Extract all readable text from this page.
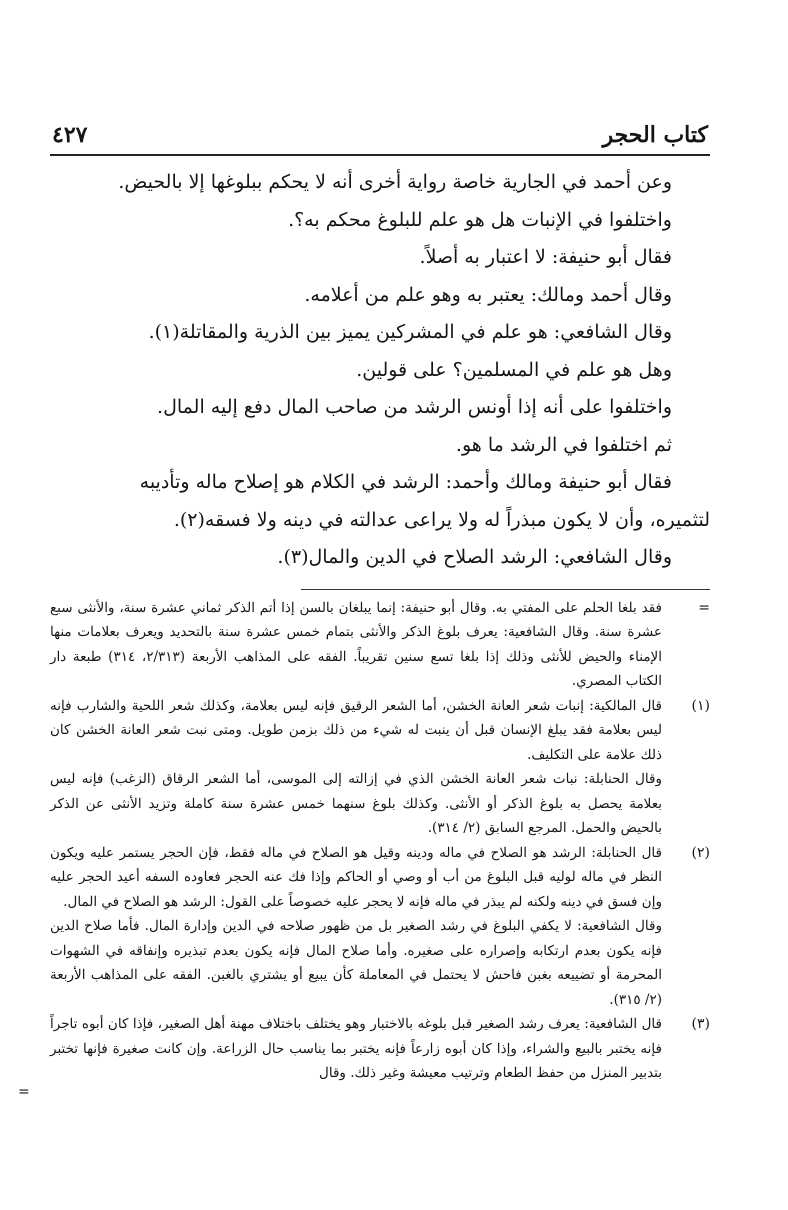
كتاب الحجر
٤٢٧

وعن أحمد في الجارية خاصة رواية أخرى أنه لا يحكم ببلوغها إلا بالحيض.

واختلفوا في الإنبات هل هو علم للبلوغ محكم به؟.

فقال أبو حنيفة: لا اعتبار به أصلاً.

وقال أحمد ومالك: يعتبر به وهو علم من أعلامه.

وقال الشافعي: هو علم في المشركين يميز بين الذرية والمقاتلة(١).

وهل هو علم في المسلمين؟ على قولين.

واختلفوا على أنه إذا أونس الرشد من صاحب المال دفع إليه المال.

ثم اختلفوا في الرشد ما هو.

فقال أبو حنيفة ومالك وأحمد: الرشد في الكلام هو إصلاح ماله وتأديبه

لتثميره، وأن لا يكون مبذراً له ولا يراعى عدالته في دينه ولا فسقه(٢).

وقال الشافعي: الرشد الصلاح في الدين والمال(٣).

=

فقد بلغا الحلم على المفتي به. وقال أبو حنيفة: إنما يبلغان بالسن إذا أتم الذكر ثماني عشرة سنة، والأنثى سبع عشرة سنة. وقال الشافعية: يعرف بلوغ الذكر والأنثى بتمام خمس عشرة سنة بالتحديد ويعرف بعلامات منها الإمناء والحيض للأنثى وذلك إذا بلغا تسع سنين تقريباً. الفقه على المذاهب الأربعة (٢/٣١٣، ٣١٤) طبعة دار الكتاب المصري.

(١)

قال المالكية: إنبات شعر العانة الخشن، أما الشعر الرقيق فإنه ليس بعلامة، وكذلك شعر اللحية والشارب فإنه ليس بعلامة فقد يبلغ الإنسان قبل أن ينبت له شيء من ذلك بزمن طويل. ومتى نبت شعر العانة الخشن كان ذلك علامة على التكليف.

وقال الحنابلة: نبات شعر العانة الخشن الذي في إزالته إلى الموسى، أما الشعر الرقاق (الزغب) فإنه ليس بعلامة يحصل به بلوغ الذكر أو الأنثى. وكذلك بلوغ سنهما خمس عشرة سنة كاملة وتزيد الأنثى عن الذكر بالحيض والحمل. المرجع السابق (٢/ ٣١٤).

(٢)

قال الحنابلة: الرشد هو الصلاح في ماله ودينه وقيل هو الصلاح في ماله فقط، فإن الحجر يستمر عليه ويكون النظر في ماله لوليه قبل البلوغ من أب أو وصي أو الحاكم وإذا فك عنه الحجر فعاوده السفه أعيد الحجر عليه وإن فسق في دينه ولكنه لم يبذر في ماله فإنه لا يحجر عليه خصوصاً على القول: الرشد هو الصلاح في المال.

وقال الشافعية: لا يكفي البلوغ في رشد الصغير بل من ظهور صلاحه في الدين وإدارة المال. فأما صلاح الدين فإنه يكون بعدم ارتكابه وإصراره على صغيره. وأما صلاح المال فإنه يكون بعدم تبذيره وإنفاقه في الشهوات المحرمة أو تضييعه بغبن فاحش لا يحتمل في المعاملة كأن يبيع أو يشتري بالغبن. الفقه على المذاهب الأربعة (٢/ ٣١٥).

(٣)

قال الشافعية: يعرف رشد الصغير قبل بلوغه بالاختبار وهو يختلف باختلاف مهنة أهل الصغير، فإذا كان أبوه تاجراً فإنه يختبر بالبيع والشراء، وإذا كان أبوه زارعاً فإنه يختبر بما يناسب حال الزراعة. وإن كانت صغيرة فإنها تختبر بتدبير المنزل من حفظ الطعام وترتيب معيشة وغير ذلك. وقال

=
